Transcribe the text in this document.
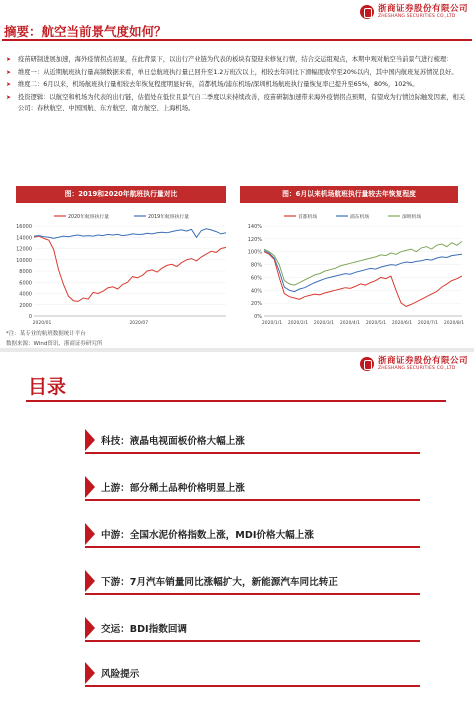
浙商证券股份有限公司
ZHESHANG SECURITIES CO.,LTD
摘要：航空当前景气度如何？
➤	疫苗研制进展加速，海外疫情拐点初显，在此背景下，以出行产业链为代表的板块有望迎来修复行情，结合交运组观点，本期中观对航空当前景气进行梳理：
➤	维度一：从近期航班执行量高频数据来看，单日总航班执行量已回升至1.2万班次以上，相较去年同比下滑幅度收窄至20%以内，其中国内航班复苏情况良好。
➤	维度二：6月以来，机场航班执行量相较去年恢复程度明显好转，首都机场/浦东机场/深圳机场航班执行量恢复率已提升至65%，80%，102%。
➤	投资逻辑：以航空和机场为代表的出行链，估值处在低位且景气自二季度以来持续改善，疫苗研制加速带来海外疫情拐点预期，有望成为行情边际触发因素，相关公司：春秋航空、中国国航、东方航空、南方航空、上海机场。
图：2019和2020年航班执行量对比	图：6月以来机场航班执行量较去年恢复程度
0
2000
4000
6000
8000
10000
12000
14000
16000
2020/01	2020/07
2020年航班执行量	2019年航班执行量
0%
20%
40%
60%
80%
100%
120%
140%
2020/1/1 2020/2/1 2020/3/1 2020/4/1 2020/5/1 2020/6/1 2020/7/1 2020/8/1
首都机场	浦东机场	深圳机场
*注：某专业的航班数据统计平台
数据来源：Wind资讯，浙商证券研究所
浙商证券股份有限公司
ZHESHANG SECURITIES CO.,LTD
目录
科技：液晶电视面板价格大幅上涨
上游：部分稀土品种价格明显上涨
中游：全国水泥价格指数上涨，MDI价格大幅上涨
下游：7月汽车销量同比涨幅扩大，新能源汽车同比转正
交运：BDI指数回调
风险提示
